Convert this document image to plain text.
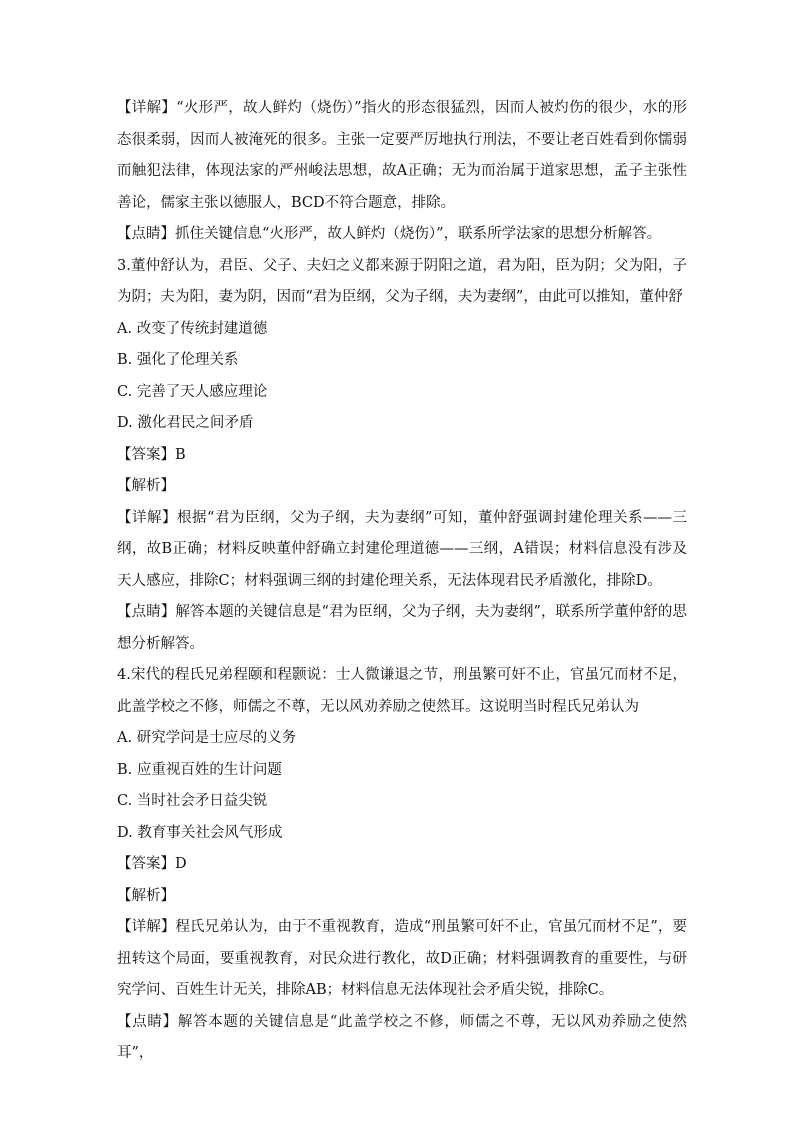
【详解】“火形严，故人鲜灼（烧伤）”指火的形态很猛烈，因而人被灼伤的很少，水的形态很柔弱，因而人被淹死的很多。主张一定要严厉地执行刑法，不要让老百姓看到你懦弱而触犯法律，体现法家的严州峻法思想，故A正确；无为而治属于道家思想，孟子主张性善论，儒家主张以德服人，BCD不符合题意，排除。

【点睛】抓住关键信息“火形严，故人鲜灼（烧伤）”，联系所学法家的思想分析解答。

3.董仲舒认为，君臣、父子、夫妇之义都来源于阴阳之道，君为阳，臣为阴；父为阳，子为阴；夫为阳，妻为阴，因而“君为臣纲，父为子纲，夫为妻纲”，由此可以推知，董仲舒

A. 改变了传统封建道德

B. 强化了伦理关系

C. 完善了天人感应理论

D. 激化君民之间矛盾

【答案】B

【解析】

【详解】根据“君为臣纲，父为子纲，夫为妻纲”可知，董仲舒强调封建伦理关系——三纲，故B正确；材料反映董仲舒确立封建伦理道德——三纲，A错误；材料信息没有涉及天人感应，排除C；材料强调三纲的封建伦理关系，无法体现君民矛盾激化，排除D。

【点睛】解答本题的关键信息是“君为臣纲，父为子纲，夫为妻纲”，联系所学董仲舒的思想分析解答。

4.宋代的程氏兄弟程颐和程颢说：士人微谦退之节，刑虽繁可奸不止，官虽冗而材不足，此盖学校之不修，师儒之不尊，无以风劝养励之使然耳。这说明当时程氏兄弟认为

A. 研究学问是士应尽的义务

B. 应重视百姓的生计问题

C. 当时社会矛日益尖锐

D. 教育事关社会风气形成

【答案】D

【解析】

【详解】程氏兄弟认为，由于不重视教育，造成“刑虽繁可奸不止，官虽冗而材不足”，要扭转这个局面，要重视教育，对民众进行教化，故D正确；材料强调教育的重要性，与研究学问、百姓生计无关，排除AB；材料信息无法体现社会矛盾尖锐，排除C。

【点睛】解答本题的关键信息是“此盖学校之不修，师儒之不尊，无以风劝养励之使然耳”，
